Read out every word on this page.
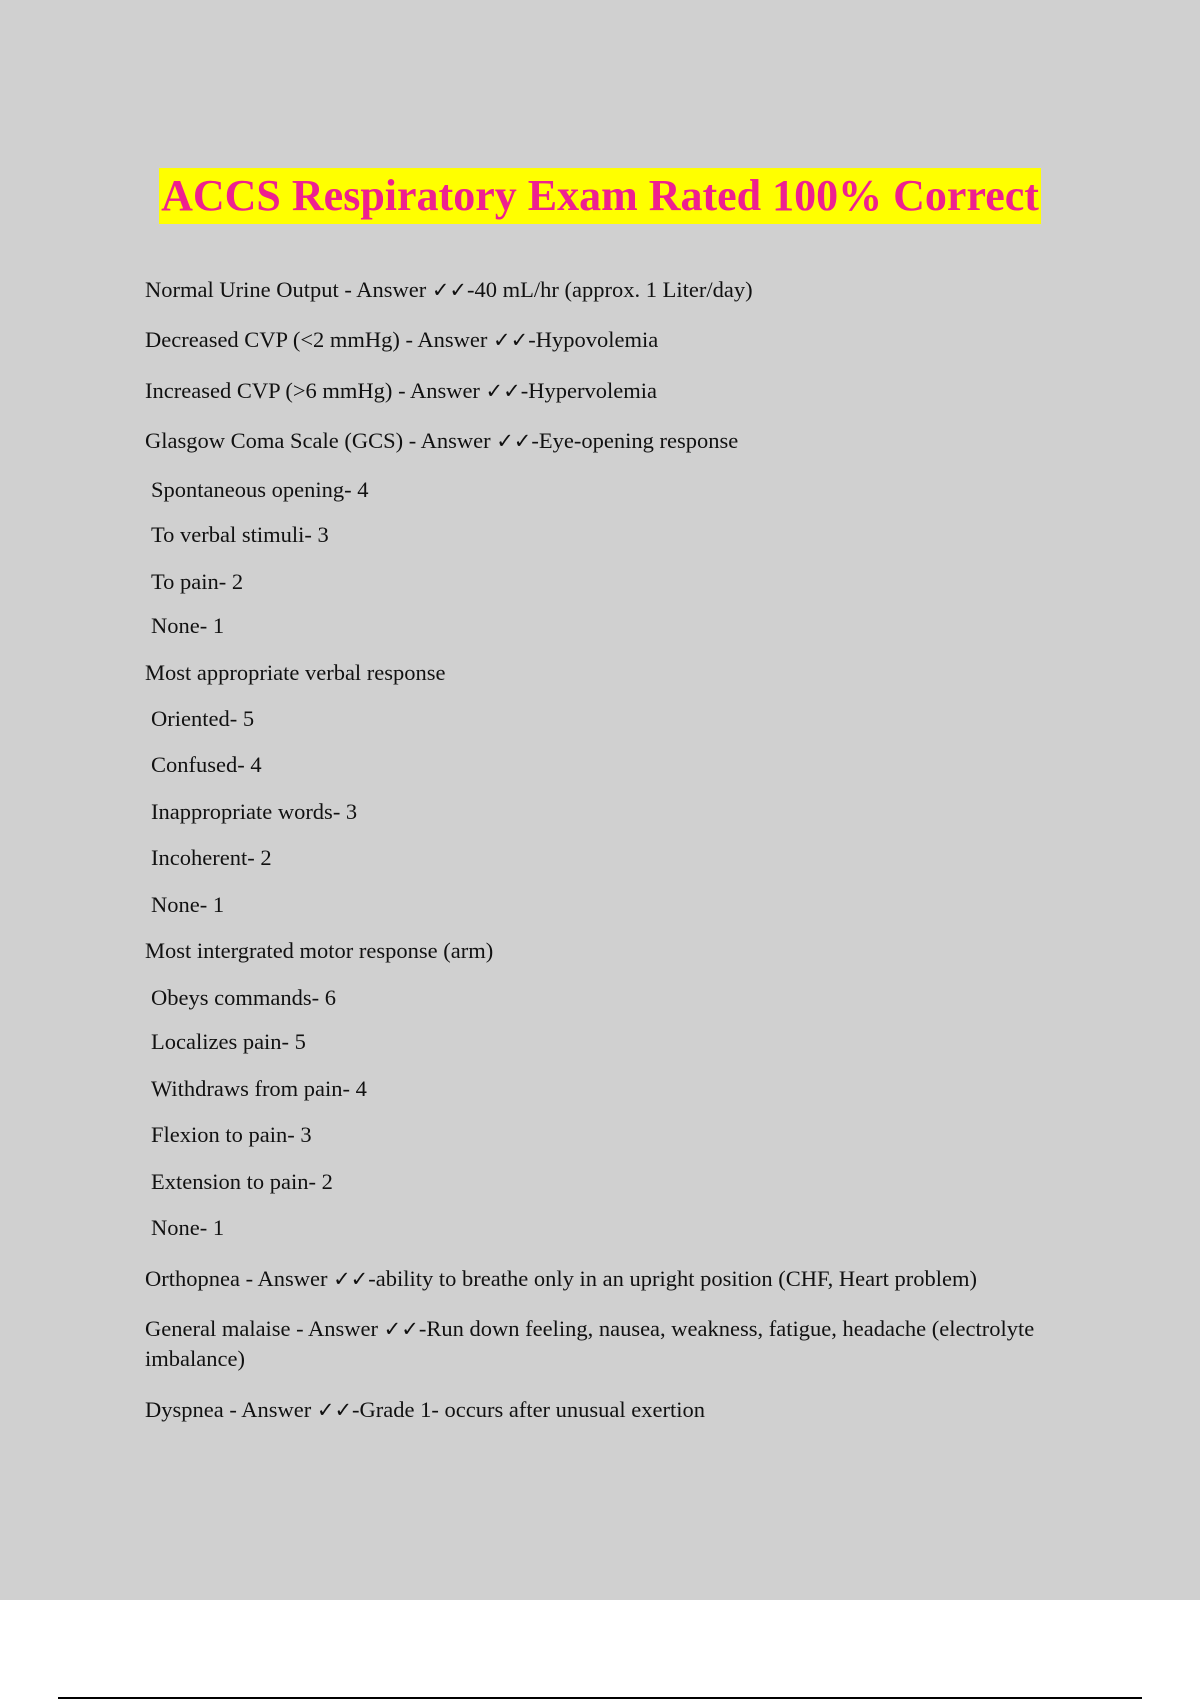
ACCS Respiratory Exam Rated 100% Correct
Normal Urine Output - Answer ✓✓-40 mL/hr (approx. 1 Liter/day)
Decreased CVP (<2 mmHg) - Answer ✓✓-Hypovolemia
Increased CVP (>6 mmHg) - Answer ✓✓-Hypervolemia
Glasgow Coma Scale (GCS) - Answer ✓✓-Eye-opening response
Spontaneous opening- 4
To verbal stimuli- 3
To pain- 2
None- 1
Most appropriate verbal response
Oriented- 5
Confused- 4
Inappropriate words- 3
Incoherent- 2
None- 1
Most intergrated motor response (arm)
Obeys commands- 6
Localizes pain- 5
Withdraws from pain- 4
Flexion to pain- 3
Extension to pain- 2
None- 1
Orthopnea - Answer ✓✓-ability to breathe only in an upright position (CHF, Heart problem)
General malaise - Answer ✓✓-Run down feeling, nausea, weakness, fatigue, headache (electrolyte imbalance)
Dyspnea - Answer ✓✓-Grade 1- occurs after unusual exertion
